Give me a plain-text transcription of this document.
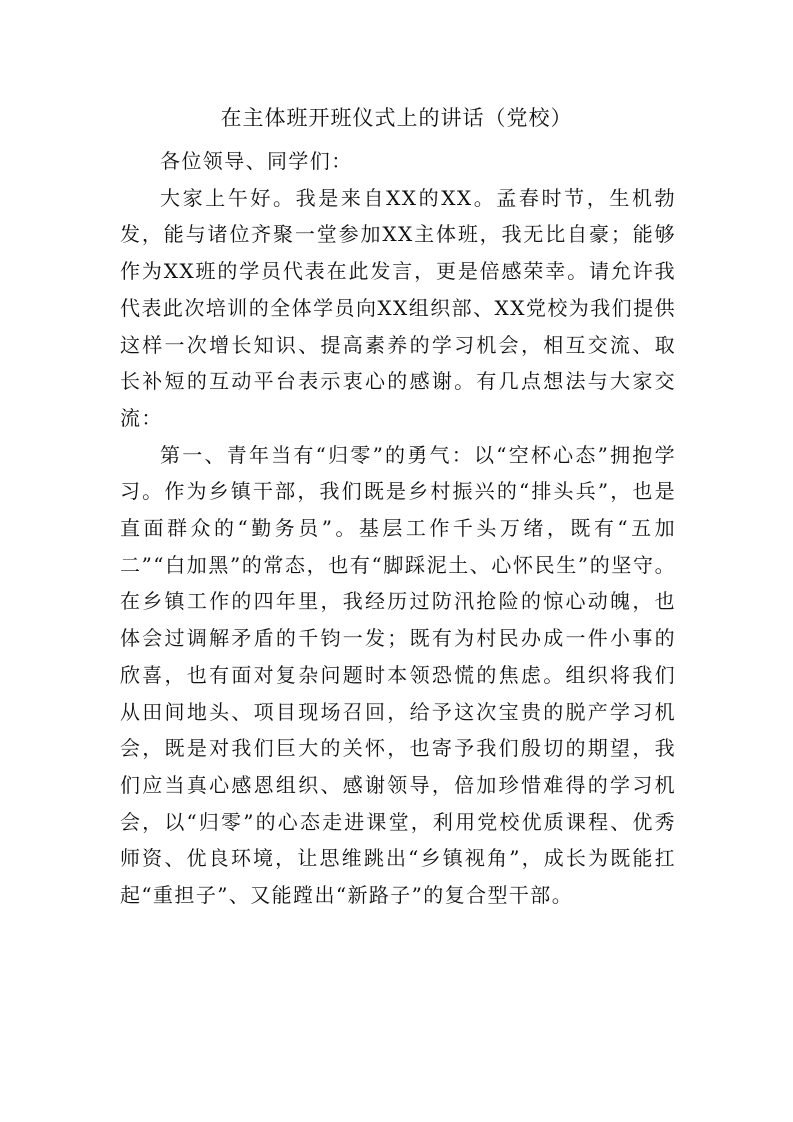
在主体班开班仪式上的讲话（党校）

各位领导、同学们：

大家上午好。我是来自XX的XX。孟春时节，生机勃发，能与诸位齐聚一堂参加XX主体班，我无比自豪；能够作为XX班的学员代表在此发言，更是倍感荣幸。请允许我代表此次培训的全体学员向XX组织部、XX党校为我们提供这样一次增长知识、提高素养的学习机会，相互交流、取长补短的互动平台表示衷心的感谢。有几点想法与大家交流：

第一、青年当有“归零”的勇气：以“空杯心态”拥抱学习。作为乡镇干部，我们既是乡村振兴的“排头兵”，也是直面群众的“勤务员”。基层工作千头万绪，既有“五加二”“白加黑”的常态，也有“脚踩泥土、心怀民生”的坚守。在乡镇工作的四年里，我经历过防汛抢险的惊心动魄，也体会过调解矛盾的千钧一发；既有为村民办成一件小事的欣喜，也有面对复杂问题时本领恐慌的焦虑。组织将我们从田间地头、项目现场召回，给予这次宝贵的脱产学习机会，既是对我们巨大的关怀，也寄予我们殷切的期望，我们应当真心感恩组织、感谢领导，倍加珍惜难得的学习机会，以“归零”的心态走进课堂，利用党校优质课程、优秀师资、优良环境，让思维跳出“乡镇视角”，成长为既能扛起“重担子”、又能蹚出“新路子”的复合型干部。
